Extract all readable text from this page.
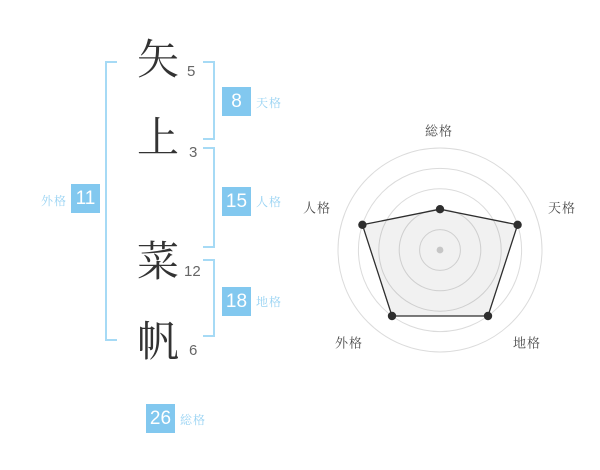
矢
上
菜
帆
5
3
12
6
8
15
18
11
26
天格
人格
地格
外格
総格
総格
天格
地格
外格
人格
